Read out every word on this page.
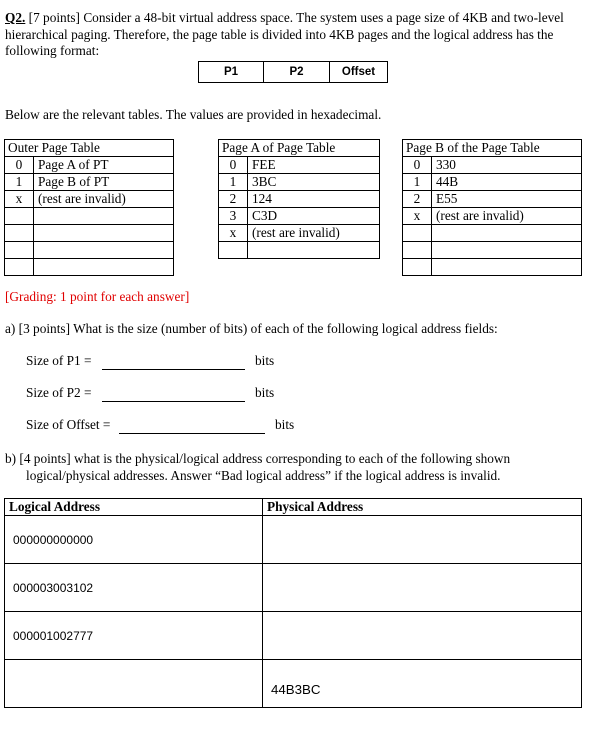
Q2. [7 points] Consider a 48-bit virtual address space. The system uses a page size of 4KB and two-level hierarchical paging. Therefore, the page table is divided into 4KB pages and the logical address has the following format:
P1	P2	Offset
Below are the relevant tables. The values are provided in hexadecimal.
Outer Page Table	
0	Page A of PT
1	Page B of PT
x	(rest are invalid)

Page A of Page Table	
0	FEE
1	3BC
2	124
3	C3D
x	(rest are invalid)

Page B of the Page Table	
0	330
1	44B
2	E55
x	(rest are invalid)

[Grading: 1 point for each answer]
a) [3 points] What is the size (number of bits) of each of the following logical address fields:
Size of P1 =	bits
Size of P2 =	bits
Size of Offset =	bits
b) [4 points] what is the physical/logical address corresponding to each of the following shown logical/physical addresses. Answer “Bad logical address” if the logical address is invalid.
Logical Address	Physical Address
000000000000	
000003003102	
000001002777	
	44B3BC
